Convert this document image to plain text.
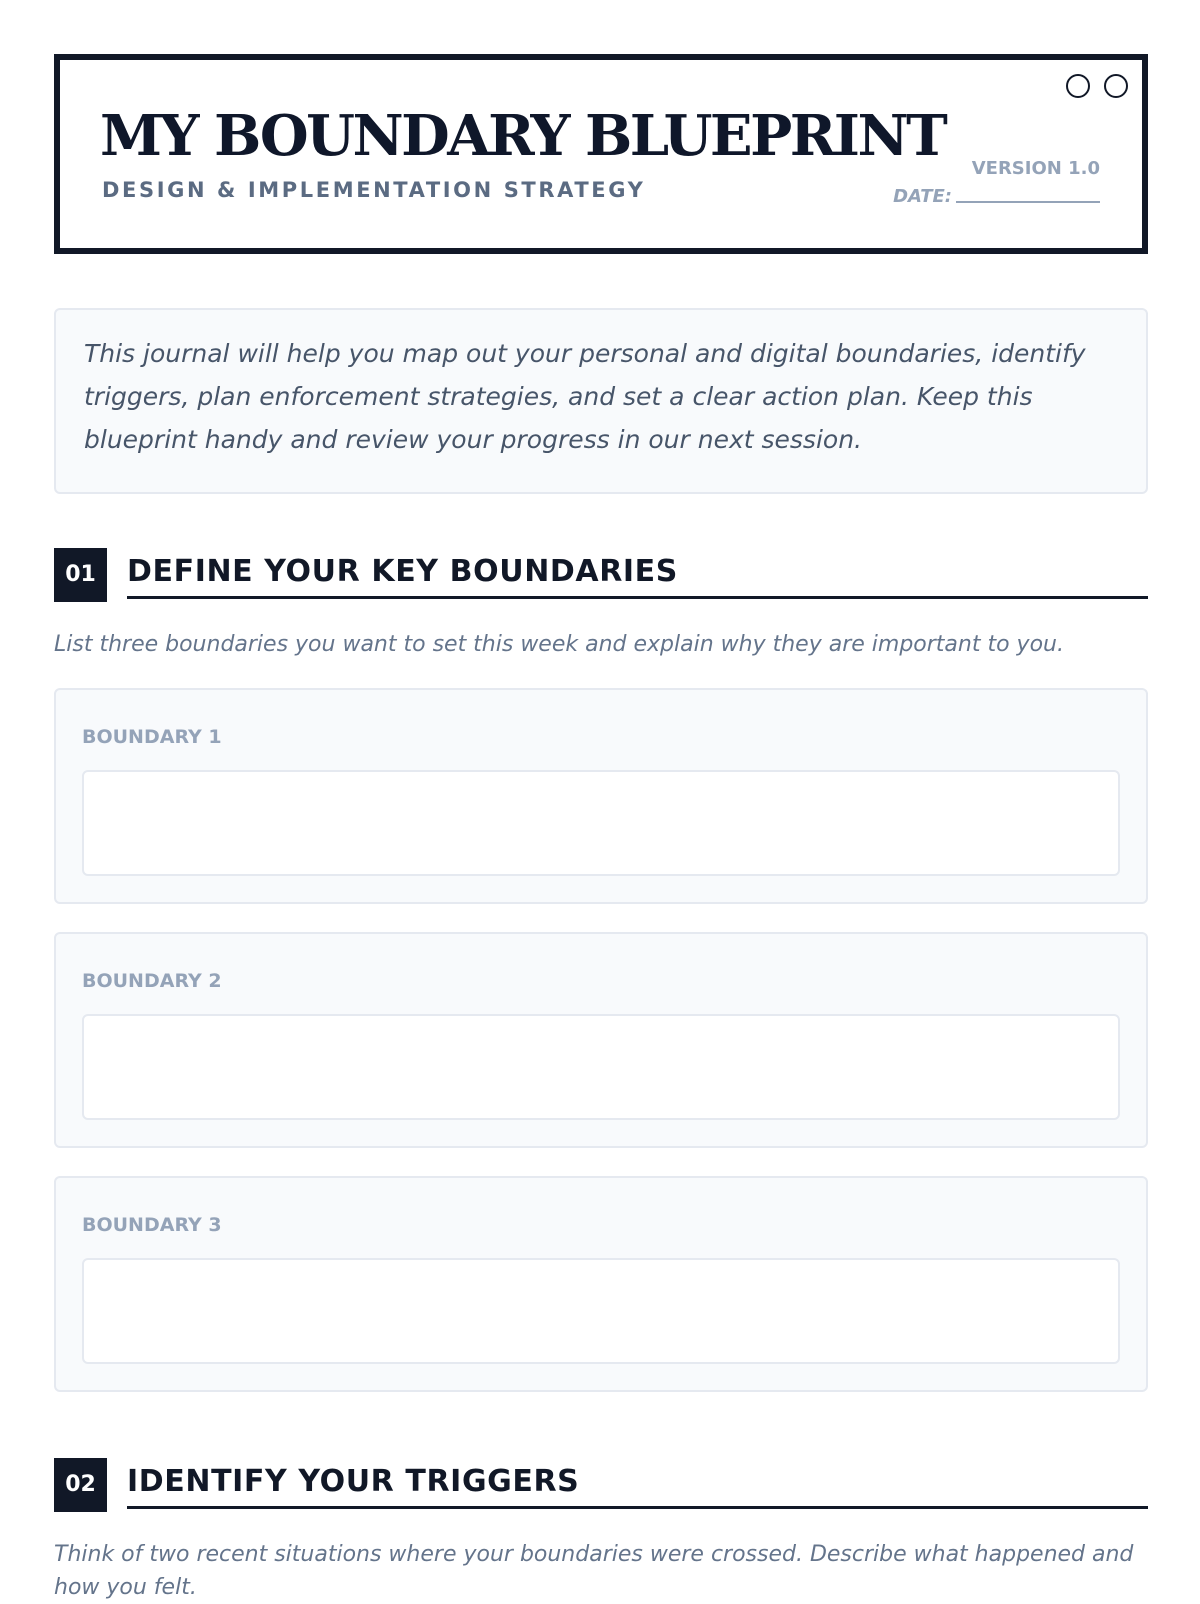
MY BOUNDARY BLUEPRINT
DESIGN & IMPLEMENTATION STRATEGY
VERSION 1.0
DATE:

This journal will help you map out your personal and digital boundaries, identify triggers, plan enforcement strategies, and set a clear action plan. Keep this blueprint handy and review your progress in our next session.

01	DEFINE YOUR KEY BOUNDARIES

List three boundaries you want to set this week and explain why they are important to you.

BOUNDARY 1
BOUNDARY 2
BOUNDARY 3
02	IDENTIFY YOUR TRIGGERS

Think of two recent situations where your boundaries were crossed. Describe what happened and how you felt.
